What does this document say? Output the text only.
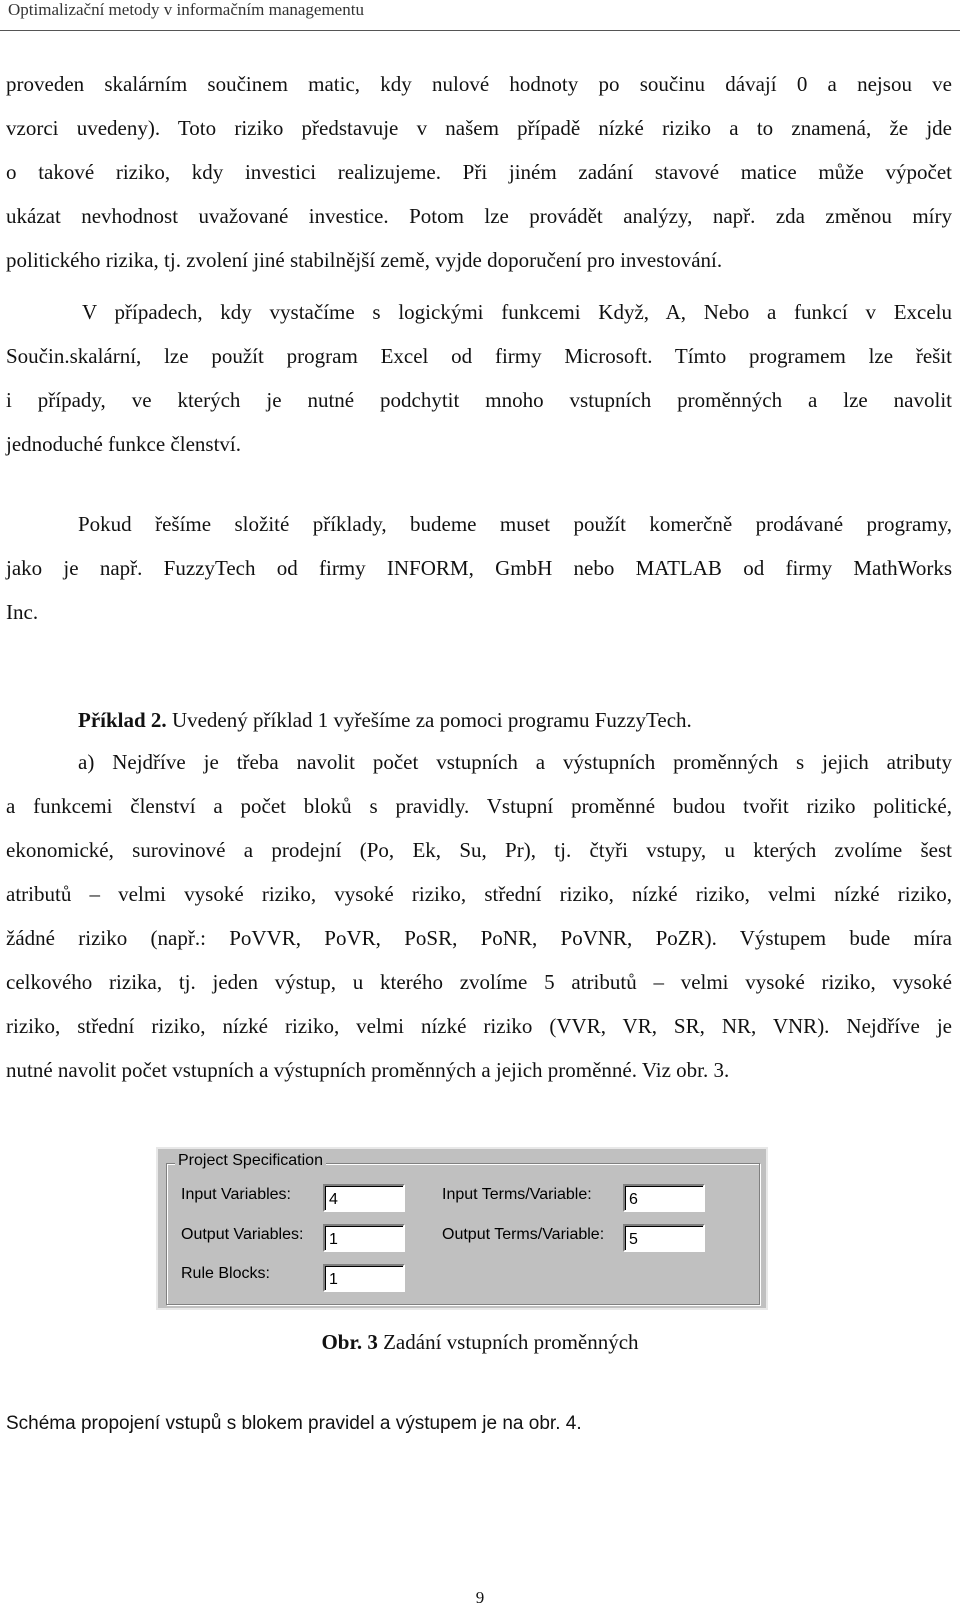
Optimalizační metody v informačním managementu
proveden skalárním součinem matic, kdy nulové hodnoty po součinu dávají 0 a nejsou ve
vzorci uvedeny). Toto riziko představuje v našem případě nízké riziko a to znamená, že jde
o takové riziko, kdy investici realizujeme. Při jiném zadání stavové matice může výpočet
ukázat nevhodnost uvažované investice. Potom lze provádět analýzy, např. zda změnou míry
politického rizika, tj. zvolení jiné stabilnější země, vyjde doporučení pro investování.
V případech, kdy vystačíme s logickými funkcemi Když, A, Nebo a funkcí v Excelu
Součin.skalární, lze použít program Excel od firmy Microsoft. Tímto programem lze řešit
i případy, ve kterých je nutné podchytit mnoho vstupních proměnných a lze navolit
jednoduché funkce členství.
Pokud řešíme složité příklady, budeme muset použít komerčně prodávané programy,
jako je např. FuzzyTech od firmy INFORM, GmbH nebo MATLAB od firmy MathWorks
Inc.
Příklad 2. Uvedený příklad 1 vyřešíme za pomoci programu FuzzyTech.
a) Nejdříve je třeba navolit počet vstupních a výstupních proměnných s jejich atributy
a funkcemi členství a počet bloků s pravidly. Vstupní proměnné budou tvořit riziko politické,
ekonomické, surovinové a prodejní (Po, Ek, Su, Pr), tj. čtyři vstupy, u kterých zvolíme šest
atributů – velmi vysoké riziko, vysoké riziko, střední riziko, nízké riziko, velmi nízké riziko,
žádné riziko (např.: PoVVR, PoVR, PoSR, PoNR, PoVNR, PoZR). Výstupem bude míra
celkového rizika, tj. jeden výstup, u kterého zvolíme 5 atributů – velmi vysoké riziko, vysoké
riziko, střední riziko, nízké riziko, velmi nízké riziko (VVR, VR, SR, NR, VNR). Nejdříve je
nutné navolit počet vstupních a výstupních proměnných a jejich proměnné. Viz obr. 3.
Project Specification
Input Variables:	4
Output Variables:	1
Rule Blocks:	1
Input Terms/Variable:	6
Output Terms/Variable:	5
Obr. 3 Zadání vstupních proměnných
Schéma propojení vstupů s blokem pravidel a výstupem je na obr. 4.
9
